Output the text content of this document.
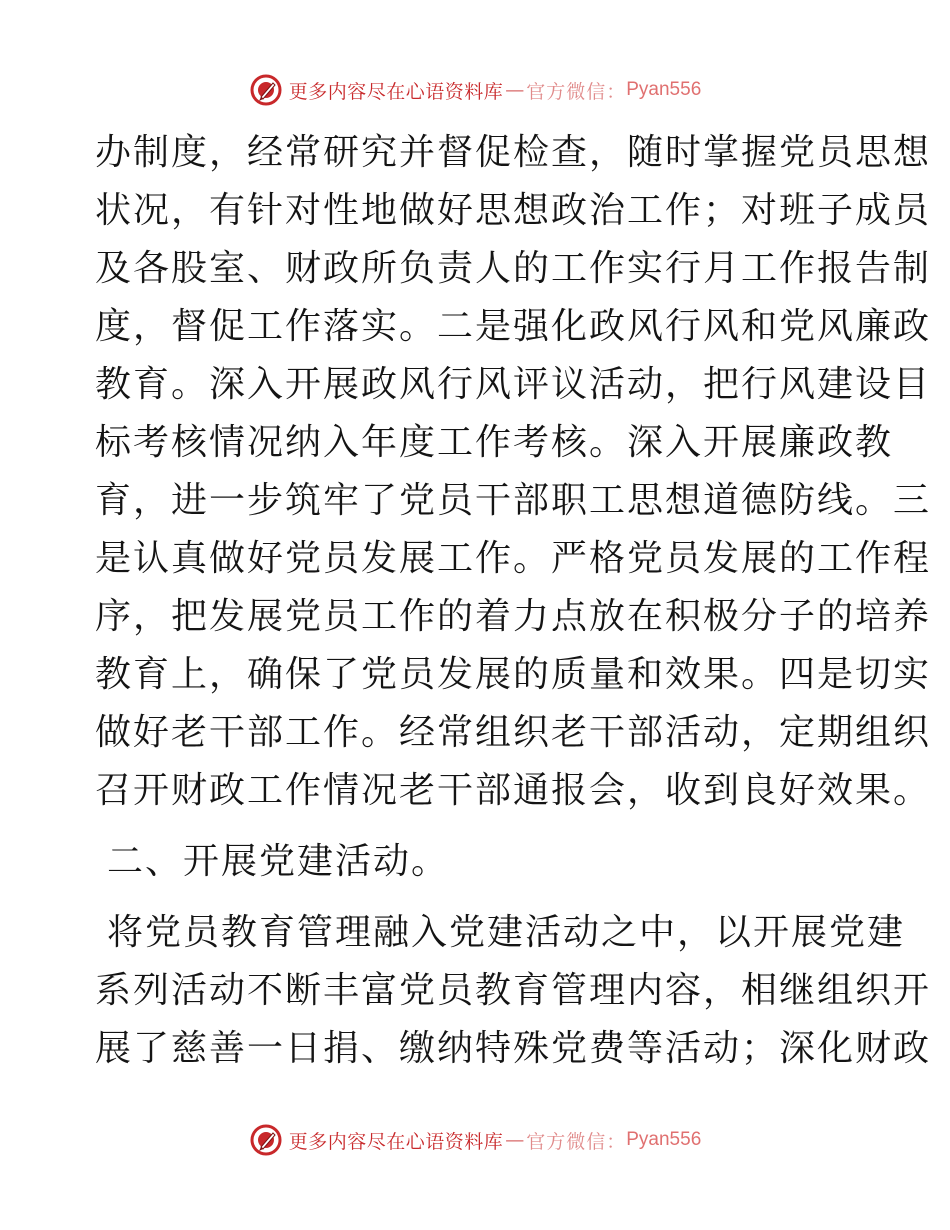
更多内容尽在心语资料库 — 官方微信： Pyan556
办制度，经常研究并督促检查，随时掌握党员思想
状况，有针对性地做好思想政治工作；对班子成员
及各股室、财政所负责人的工作实行月工作报告制
度，督促工作落实。二是强化政风行风和党风廉政
教育。深入开展政风行风评议活动，把行风建设目
标考核情况纳入年度工作考核。深入开展廉政教
育，进一步筑牢了党员干部职工思想道德防线。三
是认真做好党员发展工作。严格党员发展的工作程
序，把发展党员工作的着力点放在积极分子的培养
教育上，确保了党员发展的质量和效果。四是切实
做好老干部工作。经常组织老干部活动，定期组织
召开财政工作情况老干部通报会，收到良好效果。
二、开展党建活动。
将党员教育管理融入党建活动之中，以开展党建
系列活动不断丰富党员教育管理内容，相继组织开
展了慈善一日捐、缴纳特殊党费等活动；深化财政
更多内容尽在心语资料库 — 官方微信： Pyan556
